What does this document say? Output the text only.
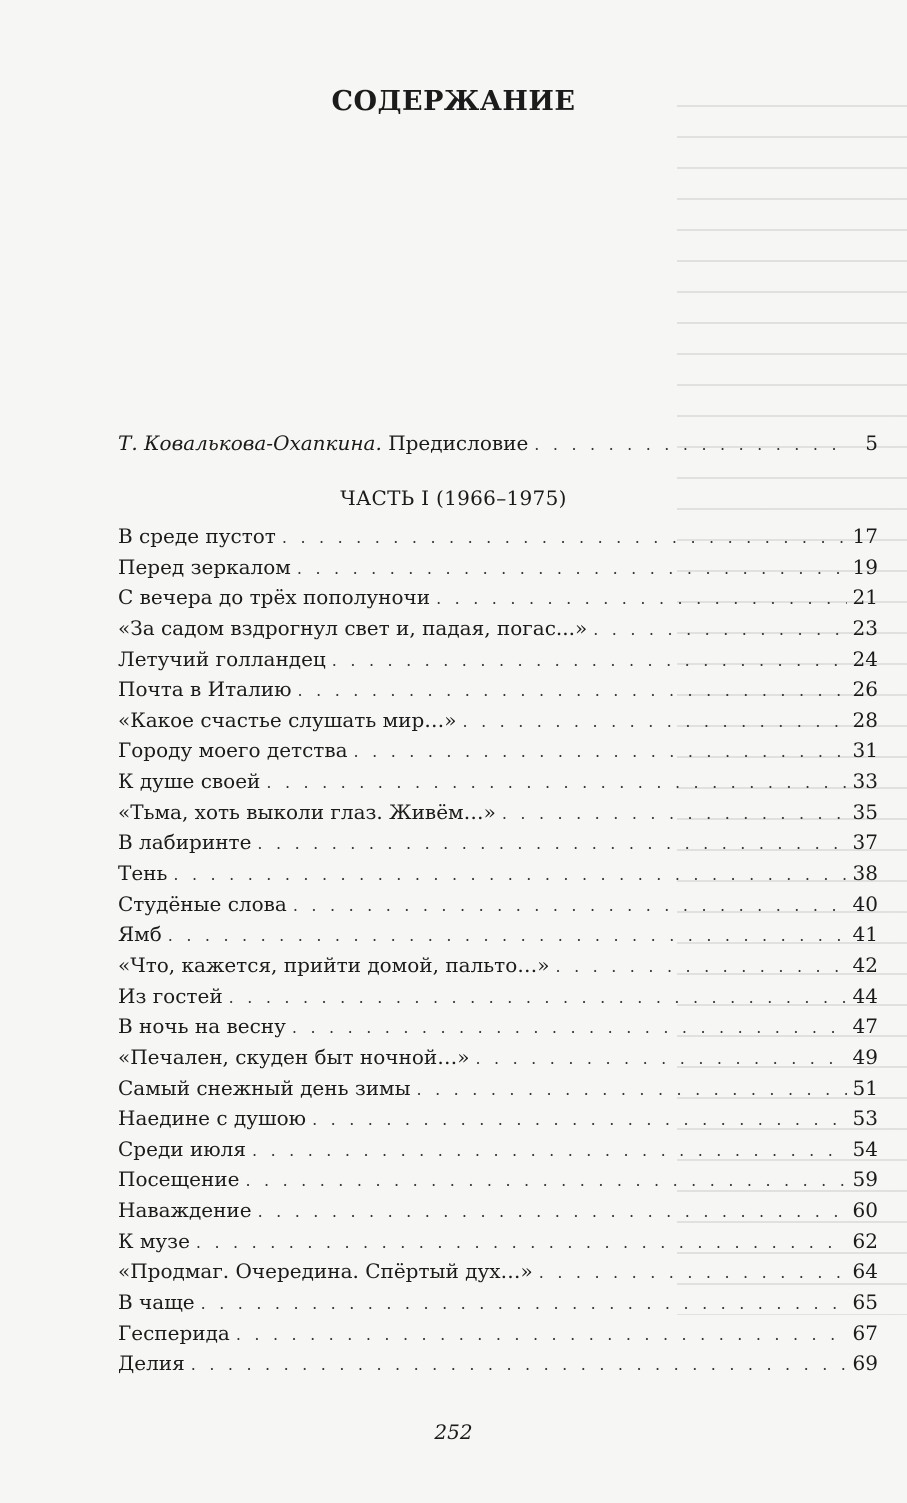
СОДЕРЖАНИЕ
Т. Ковалькова-Охапкина. Предисловие . . .	5
ЧАСТЬ I (1966–1975)
В среде пустот . . .	17
Перед зеркалом . . .	19
С вечера до трёх пополуночи . . .	21
«За садом вздрогнул свет и, падая, погас...» . . .	23
Летучий голландец . . .	24
Почта в Италию . . .	26
«Какое счастье слушать мир…» . . .	28
Городу моего детства . . .	31
К душе своей . . .	33
«Тьма, хоть выколи глаз. Живём…» . . .	35
В лабиринте . . .	37
Тень . . .	38
Студёные слова . . .	40
Ямб . . .	41
«Что, кажется, прийти домой, пальто…» . . .	42
Из гостей . . .	44
В ночь на весну . . .	47
«Печален, скуден быт ночной…» . . .	49
Самый снежный день зимы . . .	51
Наедине с душою . . .	53
Среди июля . . .	54
Посещение . . .	59
Наваждение . . .	60
К музе . . .	62
«Продмаг. Очередина. Спёртый дух…» . . .	64
В чаще . . .	65
Гесперида . . .	67
Делия . . .	69
252
